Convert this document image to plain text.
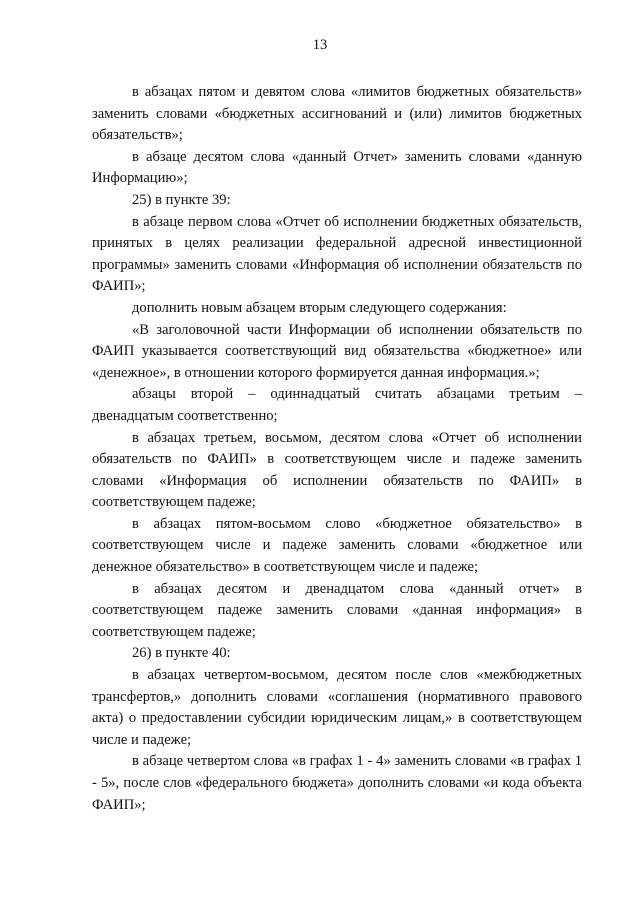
13

в абзацах пятом и девятом слова «лимитов бюджетных обязательств» заменить словами «бюджетных ассигнований и (или) лимитов бюджетных обязательств»;

в абзаце десятом слова «данный Отчет» заменить словами «данную Информацию»;

25) в пункте 39:

в абзаце первом слова «Отчет об исполнении бюджетных обязательств, принятых в целях реализации федеральной адресной инвестиционной программы» заменить словами «Информация об исполнении обязательств по ФАИП»;

дополнить новым абзацем вторым следующего содержания:

«В заголовочной части Информации об исполнении обязательств по ФАИП указывается соответствующий вид обязательства «бюджетное» или «денежное», в отношении которого формируется данная информация.»;

абзацы второй – одиннадцатый считать абзацами третьим – двенадцатым соответственно;

в абзацах третьем, восьмом, десятом слова «Отчет об исполнении обязательств по ФАИП» в соответствующем числе и падеже заменить словами «Информация об исполнении обязательств по ФАИП» в соответствующем падеже;

в абзацах пятом-восьмом слово «бюджетное обязательство» в соответствующем числе и падеже заменить словами «бюджетное или денежное обязательство» в соответствующем числе и падеже;

в абзацах десятом и двенадцатом слова «данный отчет» в соответствующем падеже заменить словами «данная информация» в соответствующем падеже;

26) в пункте 40:

в абзацах четвертом-восьмом, десятом после слов «межбюджетных трансфертов,» дополнить словами «соглашения (нормативного правового акта) о предоставлении субсидии юридическим лицам,» в соответствующем числе и падеже;

в абзаце четвертом слова «в графах 1 - 4» заменить словами «в графах 1 - 5», после слов «федерального бюджета» дополнить словами «и кода объекта ФАИП»;
